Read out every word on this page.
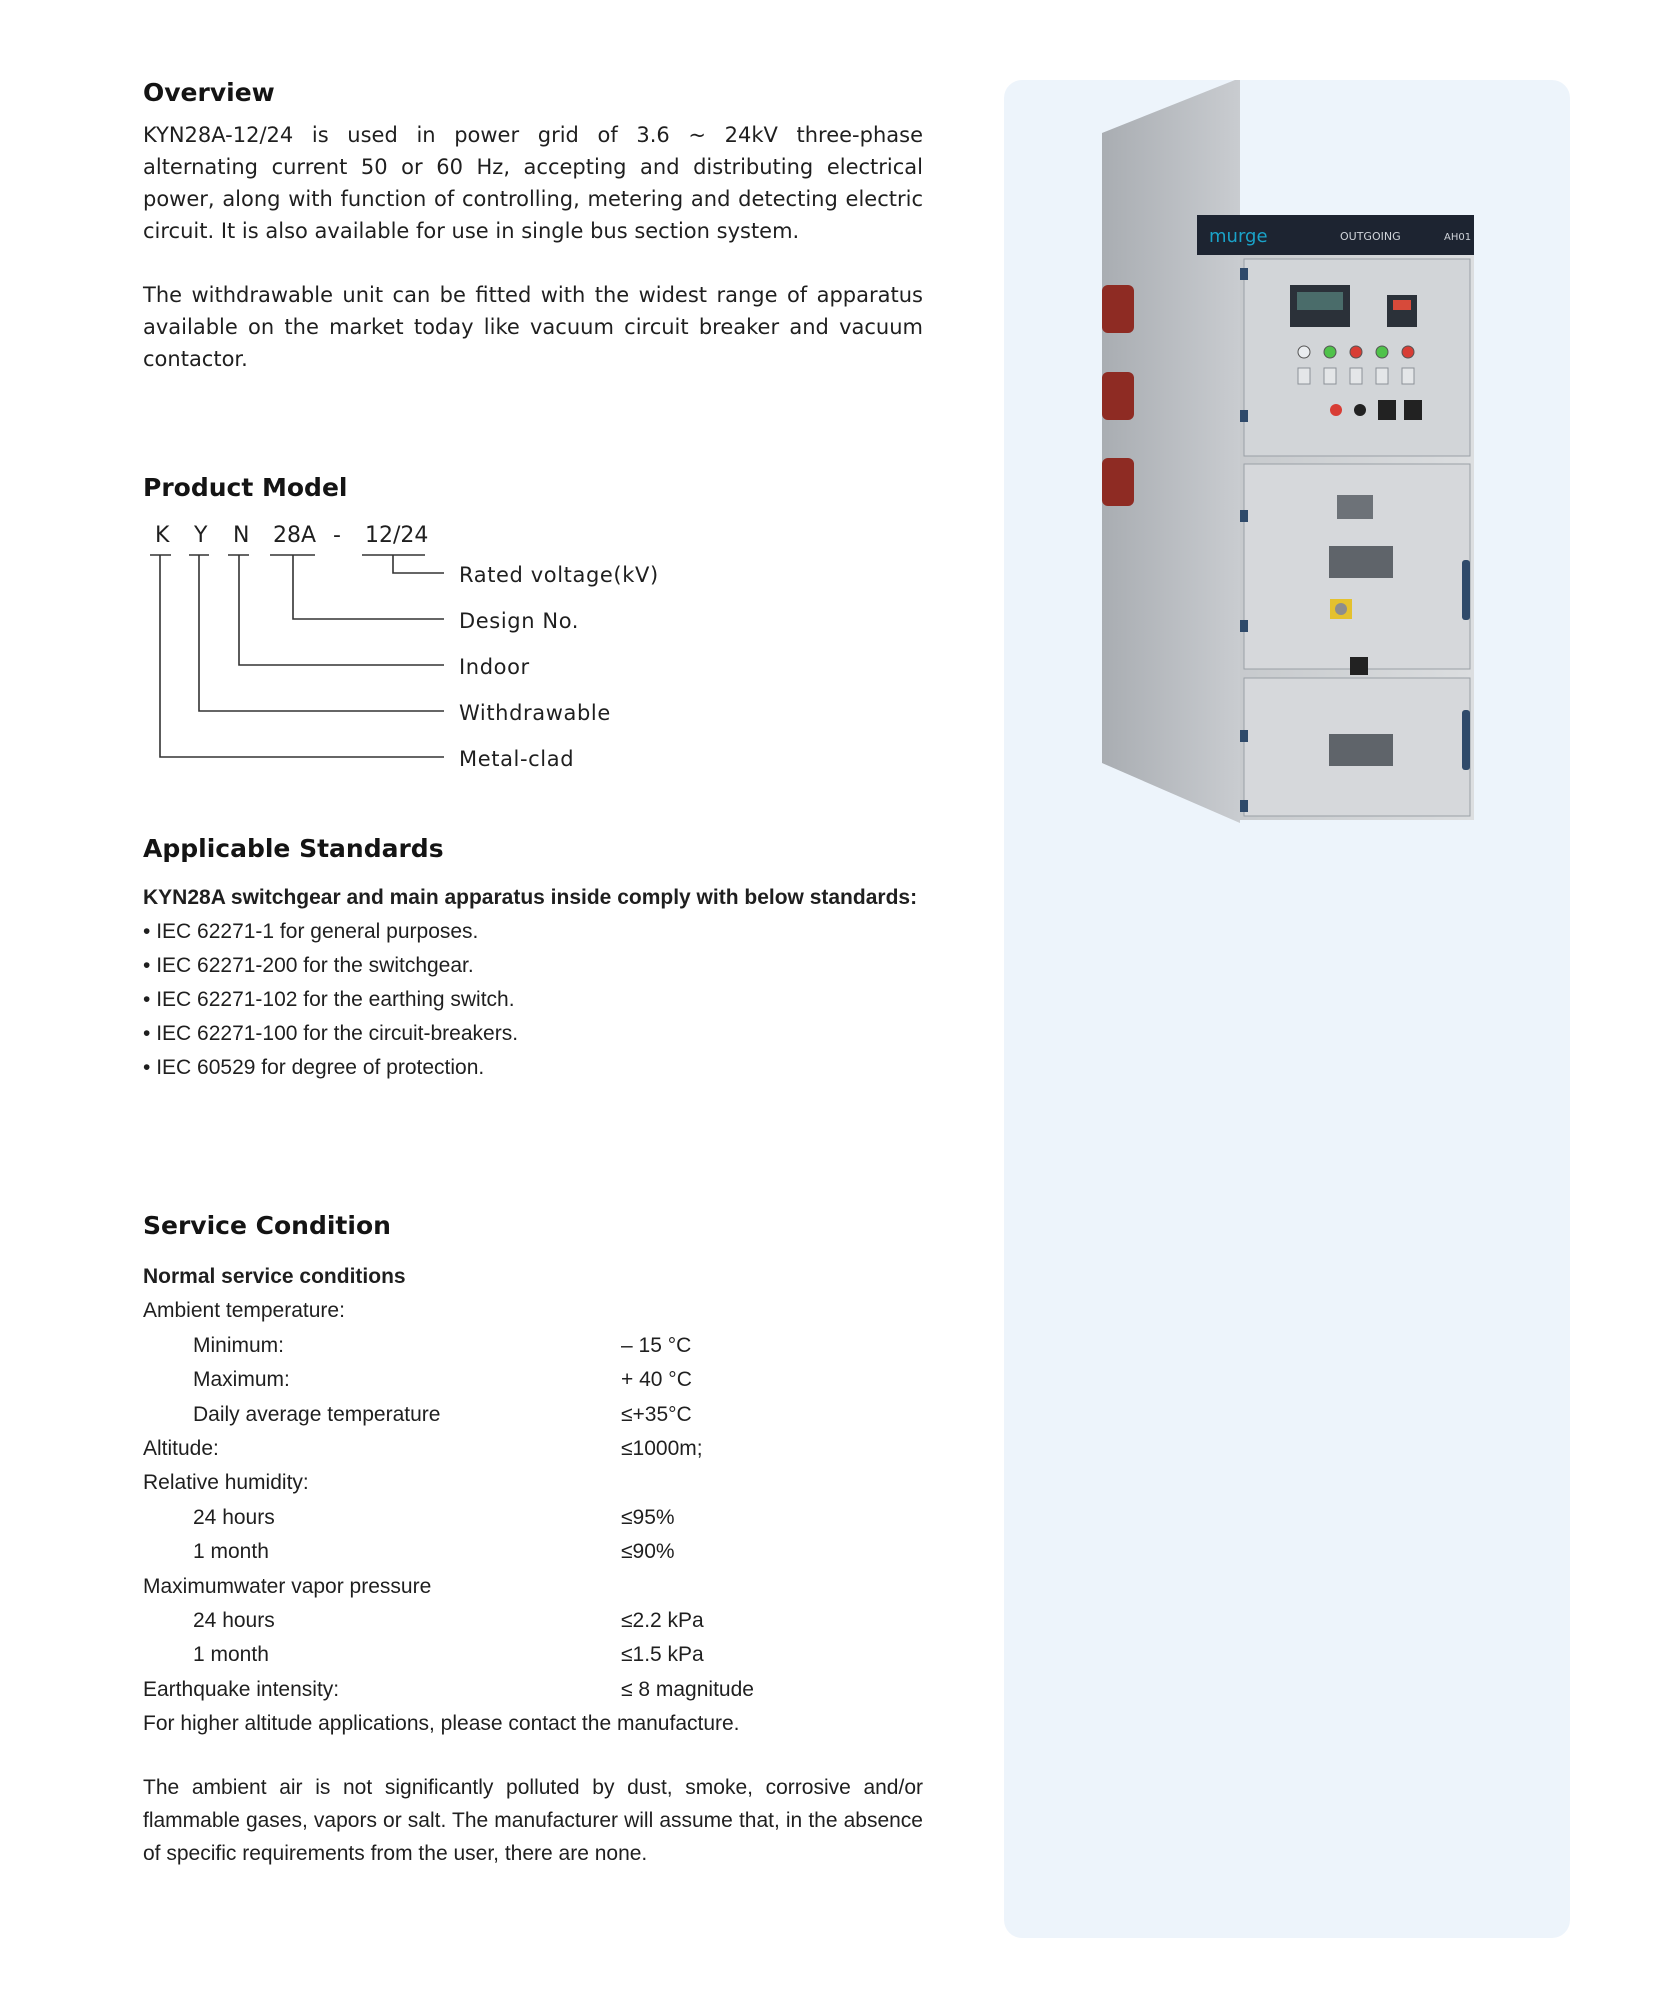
Overview

KYN28A-12/24 is used in power grid of 3.6 ~ 24kV three-phase alternating current 50 or 60 Hz, accepting and distributing electrical power, along with function of controlling, metering and detecting electric circuit. It is also available for use in single bus section system.

The withdrawable unit can be fitted with the widest range of apparatus available on the market today like vacuum circuit breaker and vacuum contactor.

Product Model
K Y N 28A - 12/24
Rated voltage(kV)
Design No.
Indoor
Withdrawable
Metal-clad
Applicable Standards
KYN28A switchgear and main apparatus inside comply with below standards:
• IEC 62271-1 for general purposes.
• IEC 62271-200 for the switchgear.
• IEC 62271-102 for the earthing switch.
• IEC 62271-100 for the circuit-breakers.
• IEC 60529 for degree of protection.
Service Condition
Normal service conditions
Ambient temperature:
Minimum:	– 15 °C
Maximum:	+ 40 °C
Daily average temperature	≤+35°C
Altitude:	≤1000m;
Relative humidity:
24 hours	≤95%
1 month	≤90%
Maximumwater vapor pressure
24 hours	≤2.2 kPa
1 month	≤1.5 kPa
Earthquake intensity:	≤ 8 magnitude
For higher altitude applications, please contact the manufacture.

The ambient air is not significantly polluted by dust, smoke, corrosive and/or flammable gases, vapors or salt. The manufacturer will assume that, in the absence of specific requirements from the user, there are none.

murge	OUTGOING	AH01
